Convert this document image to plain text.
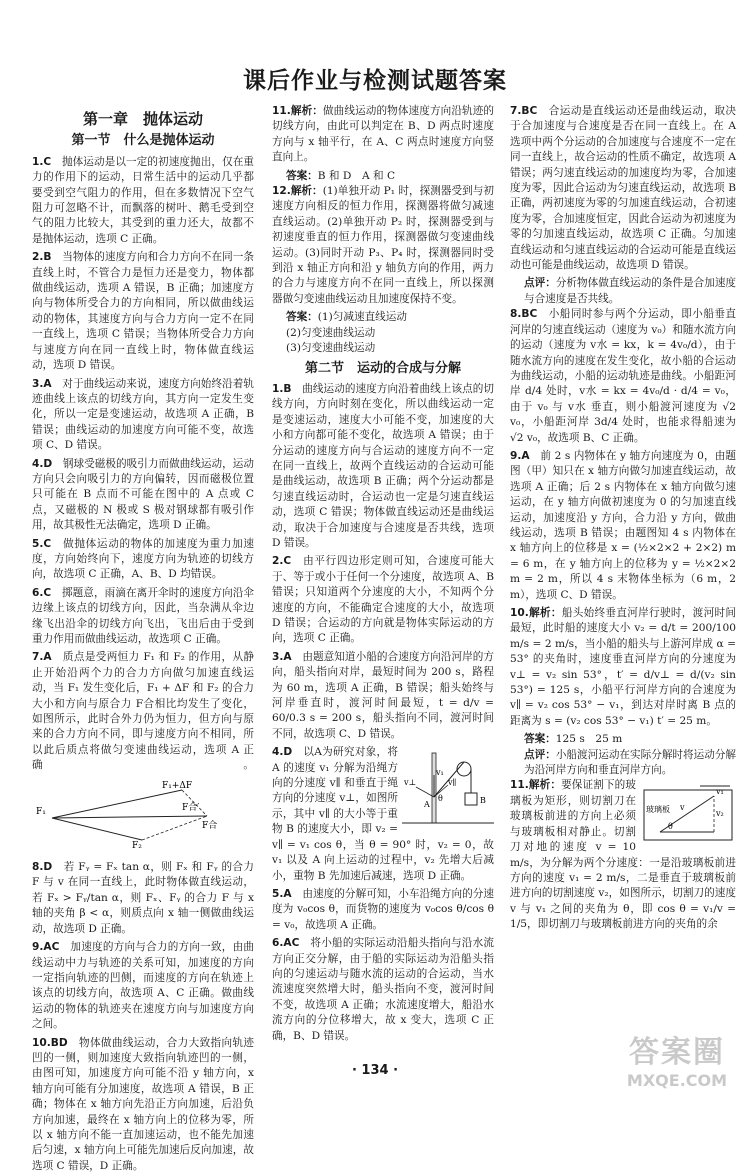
课后作业与检测试题答案
第一章　抛体运动
第一节　什么是抛体运动
1.C　 抛体运动是以一定的初速度抛出，仅在重力的作用下的运动，日常生活中的运动几乎都要受到空气阻力的作用，但在多数情况下空气阻力可忽略不计，而飘落的树叶、鹅毛受到空气的阻力比较大，其受到的重力还大，故都不是抛体运动，选项 C 正确。
2.B　 当物体的速度方向和合力方向不在同一条直线上时，不管合力是恒力还是变力，物体都做曲线运动，选项 A 错误，B 正确；加速度方向与物体所受合力的方向相同，所以做曲线运动的物体，其速度方向与合力方向一定不在同一直线上，选项 C 错误；当物体所受合力方向与速度方向在同一直线上时，物体做直线运动，选项 D 错误。
3.A　 对于曲线运动来说，速度方向始终沿着轨迹曲线上该点的切线方向，其方向一定发生变化，所以一定是变速运动，故选项 A 正确，B 错误；曲线运动的加速度方向可能不变，故选项 C、D 错误。
4.D　 钢球受磁极的吸引力而做曲线运动，运动方向只会向吸引力的方向偏转，因而磁极位置只可能在 B 点而不可能在图中的 A 点或 C 点，又磁极的 N 极或 S 极对钢球都有吸引作用，故其极性无法确定，选项 D 正确。
5.C　 做抛体运动的物体的加速度为重力加速度，方向始终向下，速度方向为轨迹的切线方向，故选项 C 正确，A、B、D 均错误。
6.C　 掷题意，雨滴在离开伞时的速度方向沿伞边缘上该点的切线方向，因此，当杂满从伞边缘飞出沿伞的切线方向飞出，飞出后由于受到重力作用而做曲线运动，故选项 C 正确。
7.A　 质点是受两恒力 F₁ 和 F₂ 的作用，从静止开始沿两个力的合力方向做匀加速直线运动，当 F₁ 发生变化后，F₁ + ΔF 和 F₂ 的合力大小和方向与原合力 F合相比均发生了变化，如图所示，此时合外力仍为恒力，但方向与原来的合力方向不同，即与速度方向不相同，所以此后质点将做匀变速曲线运动，选项 A 正确。
F₁+ΔF
F₁
F₂
F合
F合′
8.D　 若 Fᵧ = Fₓ tan α，则 Fₓ 和 Fᵧ 的合力 F 与 v 在同一直线上，此时物体做直线运动，若 Fₓ > Fᵧ/tan α，则 Fₓ、Fᵧ 的合力 F 与 x 轴的夹角 β < α，则质点向 x 轴一侧做曲线运动，故选项 D 正确。
9.AC　 加速度的方向与合力的方向一致，由曲线运动中力与轨迹的关系可知，加速度的方向一定指向轨迹的凹侧，而速度的方向在轨迹上该点的切线方向，故选项 A、C 正确。做曲线运动的物体的轨迹夹在速度方向与加速度方向之间。
10.BD　 物体做曲线运动，合力大致指向轨迹凹的一侧，则加速度大致指向轨迹凹的一侧，由图可知，加速度方向可能不沿 y 轴方向，x 轴方向可能有分加速度，故选项 A 错误，B 正确；物体在 x 轴方向先沿正方向加速，后沿负方向加速，最终在 x 轴方向上的位移为零，所以 x 轴方向不能一直加速运动，也不能先加速后匀速，x 轴方向上可能先加速后反向加速，故选项 C 错误，D 正确。
11.解析：做曲线运动的物体速度方向沿轨迹的切线方向，由此可以判定在 B、D 两点时速度方向与 x 轴平行，在 A、C 两点时速度方向竖直向上。
答案：B 和 D　A 和 C
12.解析：(1)单独开动 P₁ 时，探测器受到与初速度方向相反的恒力作用，探测器将做匀减速直线运动。(2)单独开动 P₂ 时，探测器受到与初速度垂直的恒力作用，探测器做匀变速曲线运动。(3)同时开动 P₃、P₄ 时，探测器同时受到沿 x 轴正方向和沿 y 轴负方向的作用，两力的合力与速度方向不在同一直线上，所以探测器做匀变速曲线运动且加速度保持不变。
答案：(1)匀减速直线运动
(2)匀变速曲线运动
(3)匀变速曲线运动
第二节　运动的合成与分解
1.B　 曲线运动的速度方向沿着曲线上该点的切线方向，方向时刻在变化，所以曲线运动一定是变速运动，速度大小可能不变，加速度的大小和方向都可能不变化，故选项 A 错误；由于分运动的速度方向与合运动的速度方向不一定在同一直线上，故两个直线运动的合运动可能是曲线运动，故选项 B 正确；两个分运动都是匀速直线运动时，合运动也一定是匀速直线运动，选项 C 错误；物体做直线运动还是曲线运动，取决于合加速度与合速度是否共线，选项 D 错误。
2.C　 由平行四边形定则可知，合速度可能大于、等于或小于任何一个分速度，故选项 A、B 错误；只知道两个分速度的大小，不知两个分速度的方向，不能确定合速度的大小，故选项 D 错误；合运动的方向就是物体实际运动的方向，选项 C 正确。
3.A　 由题意知道小船的合速度方向沿河岸的方向，船头指向对岸，最短时间为 200 s，路程为 60 m，选项 A 正确，B 错误；船头始终与河岸垂直时，渡河时间最短，t = d/v = 60/0.3 s = 200 s，船头指向不同，渡河时间不同，故选项 C、D 错误。
v₁
v∥
v⊥
θ
A	B
4.D　 以A为研究对象，将 A 的速度 v₁ 分解为沿绳方向的分速度 v∥ 和垂直于绳方向的分速度 v⊥，如图所示，其中 v∥ 的大小等于重物 B 的速度大小，即 v₂ = v∥ = v₁ cos θ，当 θ = 90° 时，v₂ = 0，故 v₁ 以及 A 向上运动的过程中，v₂ 先增大后减小，重物 B 先加速后减速，选项 D 正确。
5.A　 由速度的分解可知，小车沿绳方向的分速度为 v₀cos θ，而货物的速度为 v₀cos θ/cos θ = v₀，故选项 A 正确。
6.AC　 将小船的实际运动沿船头指向与沿水流方向正交分解，由于船的实际运动为沿船头指向的匀速运动与随水流的运动的合运动，当水流速度突然增大时，船头指向不变，渡河时间不变，故选项 A 正确；水流速度增大，船沿水流方向的分位移增大，故 x 变大，选项 C 正确，B、D 错误。
7.BC　 合运动是直线运动还是曲线运动，取决于合加速度与合速度是否在同一直线上。在 A 选项中两个分运动的合加速度与合速度不一定在同一直线上，故合运动的性质不确定，故选项 A 错误；两匀速直线运动的加速度均为零，合加速度为零，因此合运动为匀速直线运动，故选项 B 正确，两初速度为零的匀加速直线运动，合初速度为零，合加速度恒定，因此合运动为初速度为零的匀加速直线运动，故选项 C 正确。匀加速直线运动和匀速直线运动的合运动可能是直线运动也可能是曲线运动，故选项 D 错误。
点评：分析物体做直线运动的条件是合加速度与合速度是否共线。
8.BC　 小船同时参与两个分运动，即小船垂直河岸的匀速直线运动（速度为 v₀）和随水流方向的运动（速度为 v水 = kx，k = 4v₀/d），由于随水流方向的速度在发生变化，故小船的合运动为曲线运动，小船的运动轨迹是曲线。小船距河岸 d/4 处时，v水 = kx = 4v₀/d · d/4 = v₀，由于 v₀ 与 v水 垂直，则小船渡河速度为 √2 v₀，小船距河岸 3d/4 处时，也能求得船速为 √2 v₀，故选项 B、C 正确。
9.A　 前 2 s 内物体在 y 轴方向速度为 0，由题图（甲）知只在 x 轴方向做匀加速直线运动，故选项 A 正确；后 2 s 内物体在 x 轴方向做匀速运动，在 y 轴方向做初速度为 0 的匀加速直线运动，加速度沿 y 方向，合力沿 y 方向，做曲线运动，选项 B 错误；由题图知 4 s 内物体在 x 轴方向上的位移是 x = (½×2×2 + 2×2) m = 6 m，在 y 轴方向上的位移为 y = ½×2×2 m = 2 m，所以 4 s 末物体坐标为（6 m，2 m），选项 C、D 错误。
10.解析：船头始终垂直河岸行驶时，渡河时间最短，此时船的速度大小 v₂ = d/t = 200/100 m/s = 2 m/s，当小船的船头与上游河岸成 α = 53° 的夹角时，速度垂直河岸方向的分速度为 v⊥ = v₂ sin 53°，t′ = d/v⊥ = d/(v₂ sin 53°) = 125 s，小船平行河岸方向的合速度为 v∥ = v₂ cos 53° − v₁，到达对岸时离 B 点的距离为 s = (v₂ cos 53° − v₁) t′ = 25 m。
答案：125 s　25 m
点评：小船渡河运动在实际分解时将运动分解为沿河岸方向和垂直河岸方向。
v₁
v
v₂
θ
玻璃板
11.解析：要保证割下的玻璃板为矩形，则切割刀在玻璃板前进的方向上必须与玻璃板相对静止。切割刀对地的速度 v = 10 m/s，为分解为两个分速度：一是沿玻璃板前进方向的速度 v₁ = 2 m/s，二是垂直于玻璃板前进方向的切割速度 v₂，如图所示，切割刀的速度 v 与 v₁ 之间的夹角为 θ，即 cos θ = v₁/v = 1/5，即切割刀与玻璃板前进方向的夹角的余
· 134 ·
答案圈
MXQE.COM
